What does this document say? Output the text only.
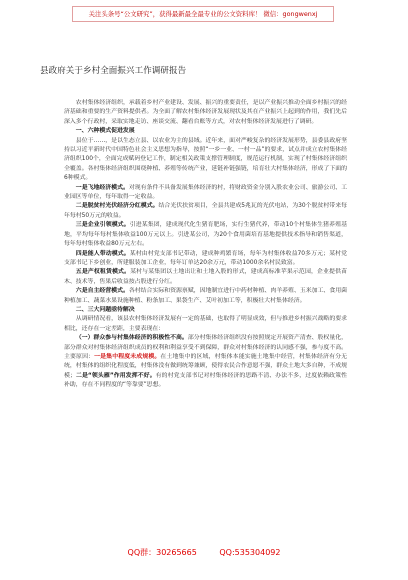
关注头条号“公文研究”，获得最新最全最专业的公文资料库！ 微信：gongwenxj
县政府关于乡村全面振兴工作调研报告

农村集体经济组织，承载着乡村产业建设、发展、振兴的重要责任，是以产业振兴推动全面乡村振兴的经济基础和重要的生产资料提供者。为全面了解农村集体经济发展现状及其在产业振兴上起到的作用，我们先后深入多个行政村，采取实地走访、座谈交流、翻看台账等方式，对农村集体经济发展进行了调研。

一、六种模式促进发展

县位于……，是以生态立县、以农业为主的县域。近年来，面对严峻复杂的经济发展形势，县委县政府坚持以习近平新时代中国特色社会主义思想为指导，按照“一乡一业、一村一品”的要求，试点并成立农村集体经济组织100个，全面完成赋码登记工作，制定相关政策支撑管理制度，规范运行机制，实现了村集体经济组织全覆盖。各村集体经济组织围绕种植、养殖等传统产业，延链补链强链，培育壮大村集体经济，形成了下面的6种模式。

一是飞地经济模式。对现有条件不具备发展集体经济的村，将财政资金分别入股农业公司、旅游公司、工业园区等单位，每年取得一定收益。

二是脱贫村光伏经济分红模式。结合光伏扶贫项目，全县共建成5兆瓦的光伏电站，为30个脱贫村带来每年每村50万元的收益。

三是企业引领模式。引进某集团，建成现代化生猪育肥场，实行生猪代养，带动10个村集体生猪养殖基地，平均每年每村集体收益100万元以上。引进某公司，为20个食用菌培育基地提供技术指导和销售渠道，每年每村集体收益80万元左右。

四是能人带动模式。某村由村党支部书记带动，建成种鸡繁育场，每年为村集体收益70多万元；某村党支部书记下乡创业，所建服装加工企业，每年订单达20余万元，带动1000余名村民致富。

五是产权租赁模式。某村与某集团以土地出让和土地入股的形式，建成高标准苹果示范园，企业提供苗木、技术等，售果后收益按占股进行分红。

六是自主经营模式。各村结合实际和资源禀赋，因地制宜进行中药材种植、肉羊养殖、玉米加工、食用菌种植加工、蔬菜水果设施种植、粉条加工、果袋生产、艾叶初加工等，积极壮大村集体经济。

二、三大问题亟待解决

从调研情况看，该县农村集体经济发展有一定的基础，也取得了明显成效，但与推进乡村振兴战略的要求相比，还存在一定差距，主要表现在：

（一）群众参与村集体经济的积极性不高。部分村集体经济组织没有按照规定开展资产清查、股权量化，部分群众对村集体经济组织成员的权利和利益享受不到保障，群众对村集体经济的认同感不强，参与度不高。主要原因：一是集中程度未成规模。在土地集中的区域，村集体本能实施土地集中经营，村集体经济有分无统，村集体的组织化程度低，村集体没有做到统筹兼顾，使得农民合作意愿不强，群众土地大多自种，不成规模；二是“领头雁”作用发挥不好。有的村党支部书记对村集体经济的思路不清、办法不多，过度依赖政策性补助，存在不同程度的“等靠要”思想。

QQ群：30265665	QQ:535304092
